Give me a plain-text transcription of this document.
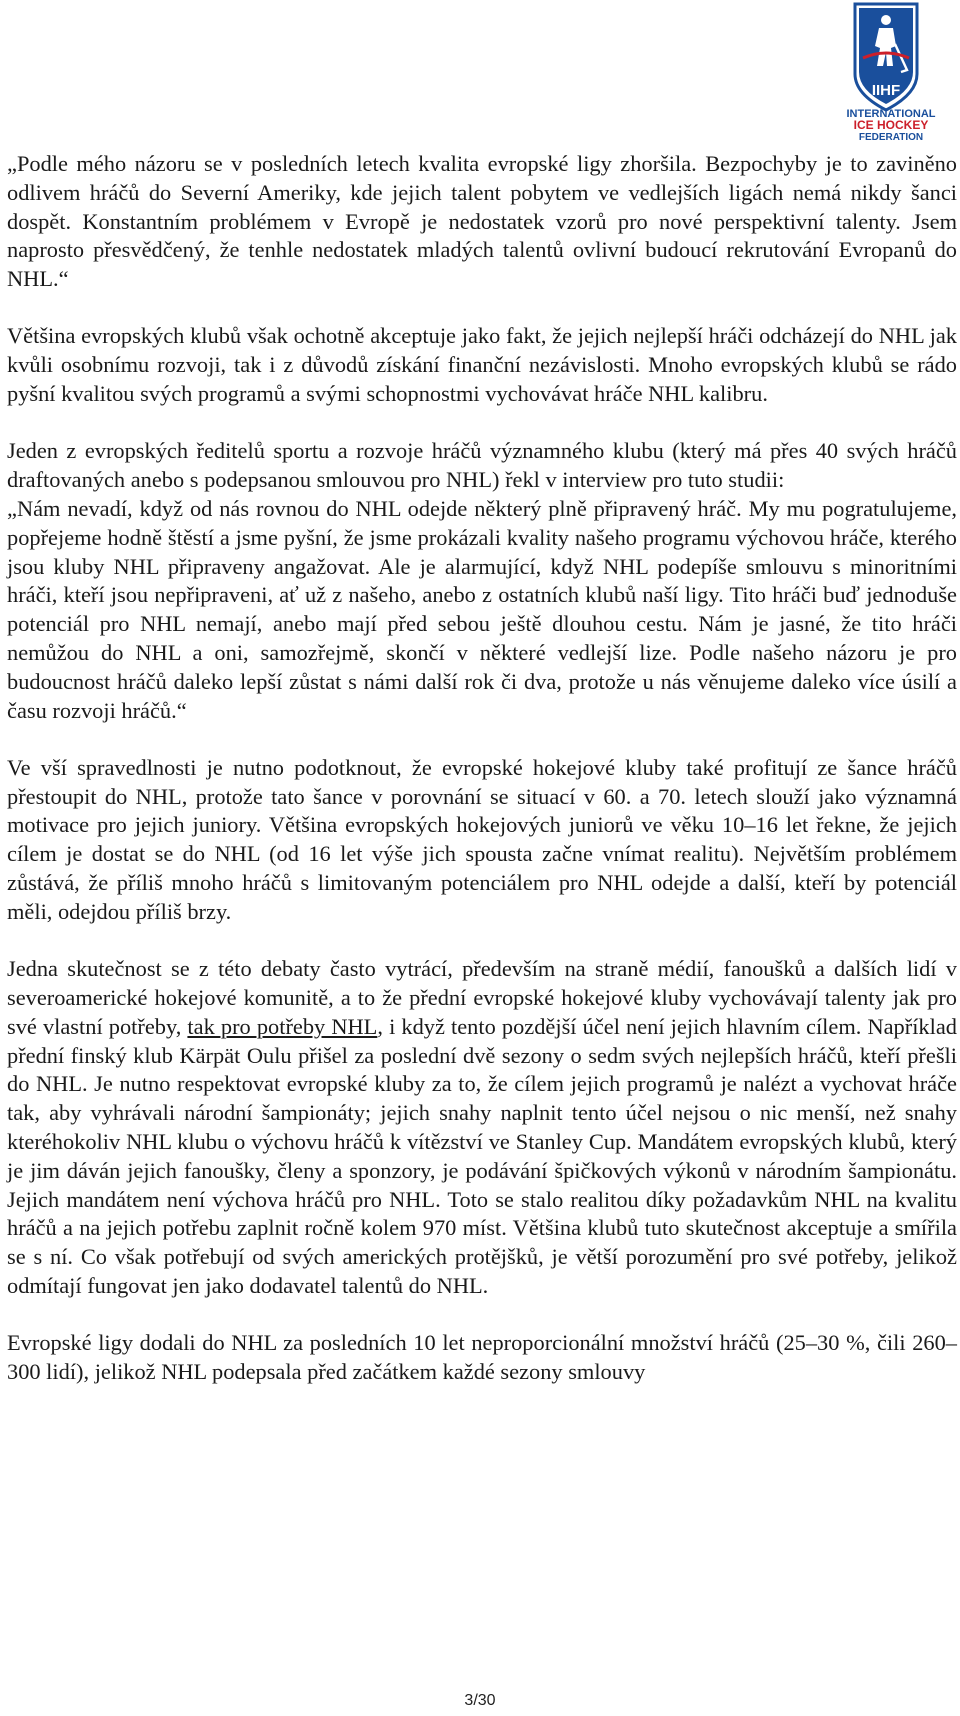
IIHF
INTERNATIONAL
ICE HOCKEY
FEDERATION

„Podle mého názoru se v posledních letech kvalita evropské ligy zhoršila. Bezpochyby je to zaviněno odlivem hráčů do Severní Ameriky, kde jejich talent pobytem ve vedlejších ligách nemá nikdy šanci dospět. Konstantním problémem v Evropě je nedostatek vzorů pro nové perspektivní talenty. Jsem naprosto přesvědčený, že tenhle nedostatek mladých talentů ovlivní budoucí rekrutování Evropanů do NHL.“

Většina evropských klubů však ochotně akceptuje jako fakt, že jejich nejlepší hráči odcházejí do NHL jak kvůli osobnímu rozvoji, tak i z důvodů získání finanční nezávislosti. Mnoho evropských klubů se rádo pyšní kvalitou svých programů a svými schopnostmi vychovávat hráče NHL kalibru.

Jeden z evropských ředitelů sportu a rozvoje hráčů významného klubu (který má přes 40 svých hráčů draftovaných anebo s podepsanou smlouvou pro NHL) řekl v interview pro tuto studii:

„Nám nevadí, když od nás rovnou do NHL odejde některý plně připravený hráč. My mu pogratulujeme, popřejeme hodně štěstí a jsme pyšní, že jsme prokázali kvality našeho programu výchovou hráče, kterého jsou kluby NHL připraveny angažovat. Ale je alarmující, když NHL podepíše smlouvu s minoritními hráči, kteří jsou nepřipraveni, ať už z našeho, anebo z ostatních klubů naší ligy. Tito hráči buď jednoduše potenciál pro NHL nemají, anebo mají před sebou ještě dlouhou cestu. Nám je jasné, že tito hráči nemůžou do NHL a oni, samozřejmě, skončí v některé vedlejší lize. Podle našeho názoru je pro budoucnost hráčů daleko lepší zůstat s námi další rok či dva, protože u nás věnujeme daleko více úsilí a času rozvoji hráčů.“

Ve vší spravedlnosti je nutno podotknout, že evropské hokejové kluby také profitují ze šance hráčů přestoupit do NHL, protože tato šance v porovnání se situací v 60. a 70. letech slouží jako významná motivace pro jejich juniory. Většina evropských hokejových juniorů ve věku 10–16 let řekne, že jejich cílem je dostat se do NHL (od 16 let výše jich spousta začne vnímat realitu). Největším problémem zůstává, že příliš mnoho hráčů s limitovaným potenciálem pro NHL odejde a další, kteří by potenciál měli, odejdou příliš brzy.

Jedna skutečnost se z této debaty často vytrácí, především na straně médií, fanoušků a dalších lidí v severoamerické hokejové komunitě, a to že přední evropské hokejové kluby vychovávají talenty jak pro své vlastní potřeby, tak pro potřeby NHL, i když tento pozdější účel není jejich hlavním cílem. Například přední finský klub Kärpät Oulu přišel za poslední dvě sezony o sedm svých nejlepších hráčů, kteří přešli do NHL. Je nutno respektovat evropské kluby za to, že cílem jejich programů je nalézt a vychovat hráče tak, aby vyhrávali národní šampionáty; jejich snahy naplnit tento účel nejsou o nic menší, než snahy kteréhokoliv NHL klubu o výchovu hráčů k vítězství ve Stanley Cup. Mandátem evropských klubů, který je jim dáván jejich fanoušky, členy a sponzory, je podávání špičkových výkonů v národním šampionátu. Jejich mandátem není výchova hráčů pro NHL. Toto se stalo realitou díky požadavkům NHL na kvalitu hráčů a na jejich potřebu zaplnit ročně kolem 970 míst. Většina klubů tuto skutečnost akceptuje a smířila se s ní. Co však potřebují od svých amerických protějšků, je větší porozumění pro své potřeby, jelikož odmítají fungovat jen jako dodavatel talentů do NHL.

Evropské ligy dodali do NHL za posledních 10 let neproporcionální množství hráčů (25–30 %, čili 260–300 lidí), jelikož NHL podepsala před začátkem každé sezony smlouvy

3/30
